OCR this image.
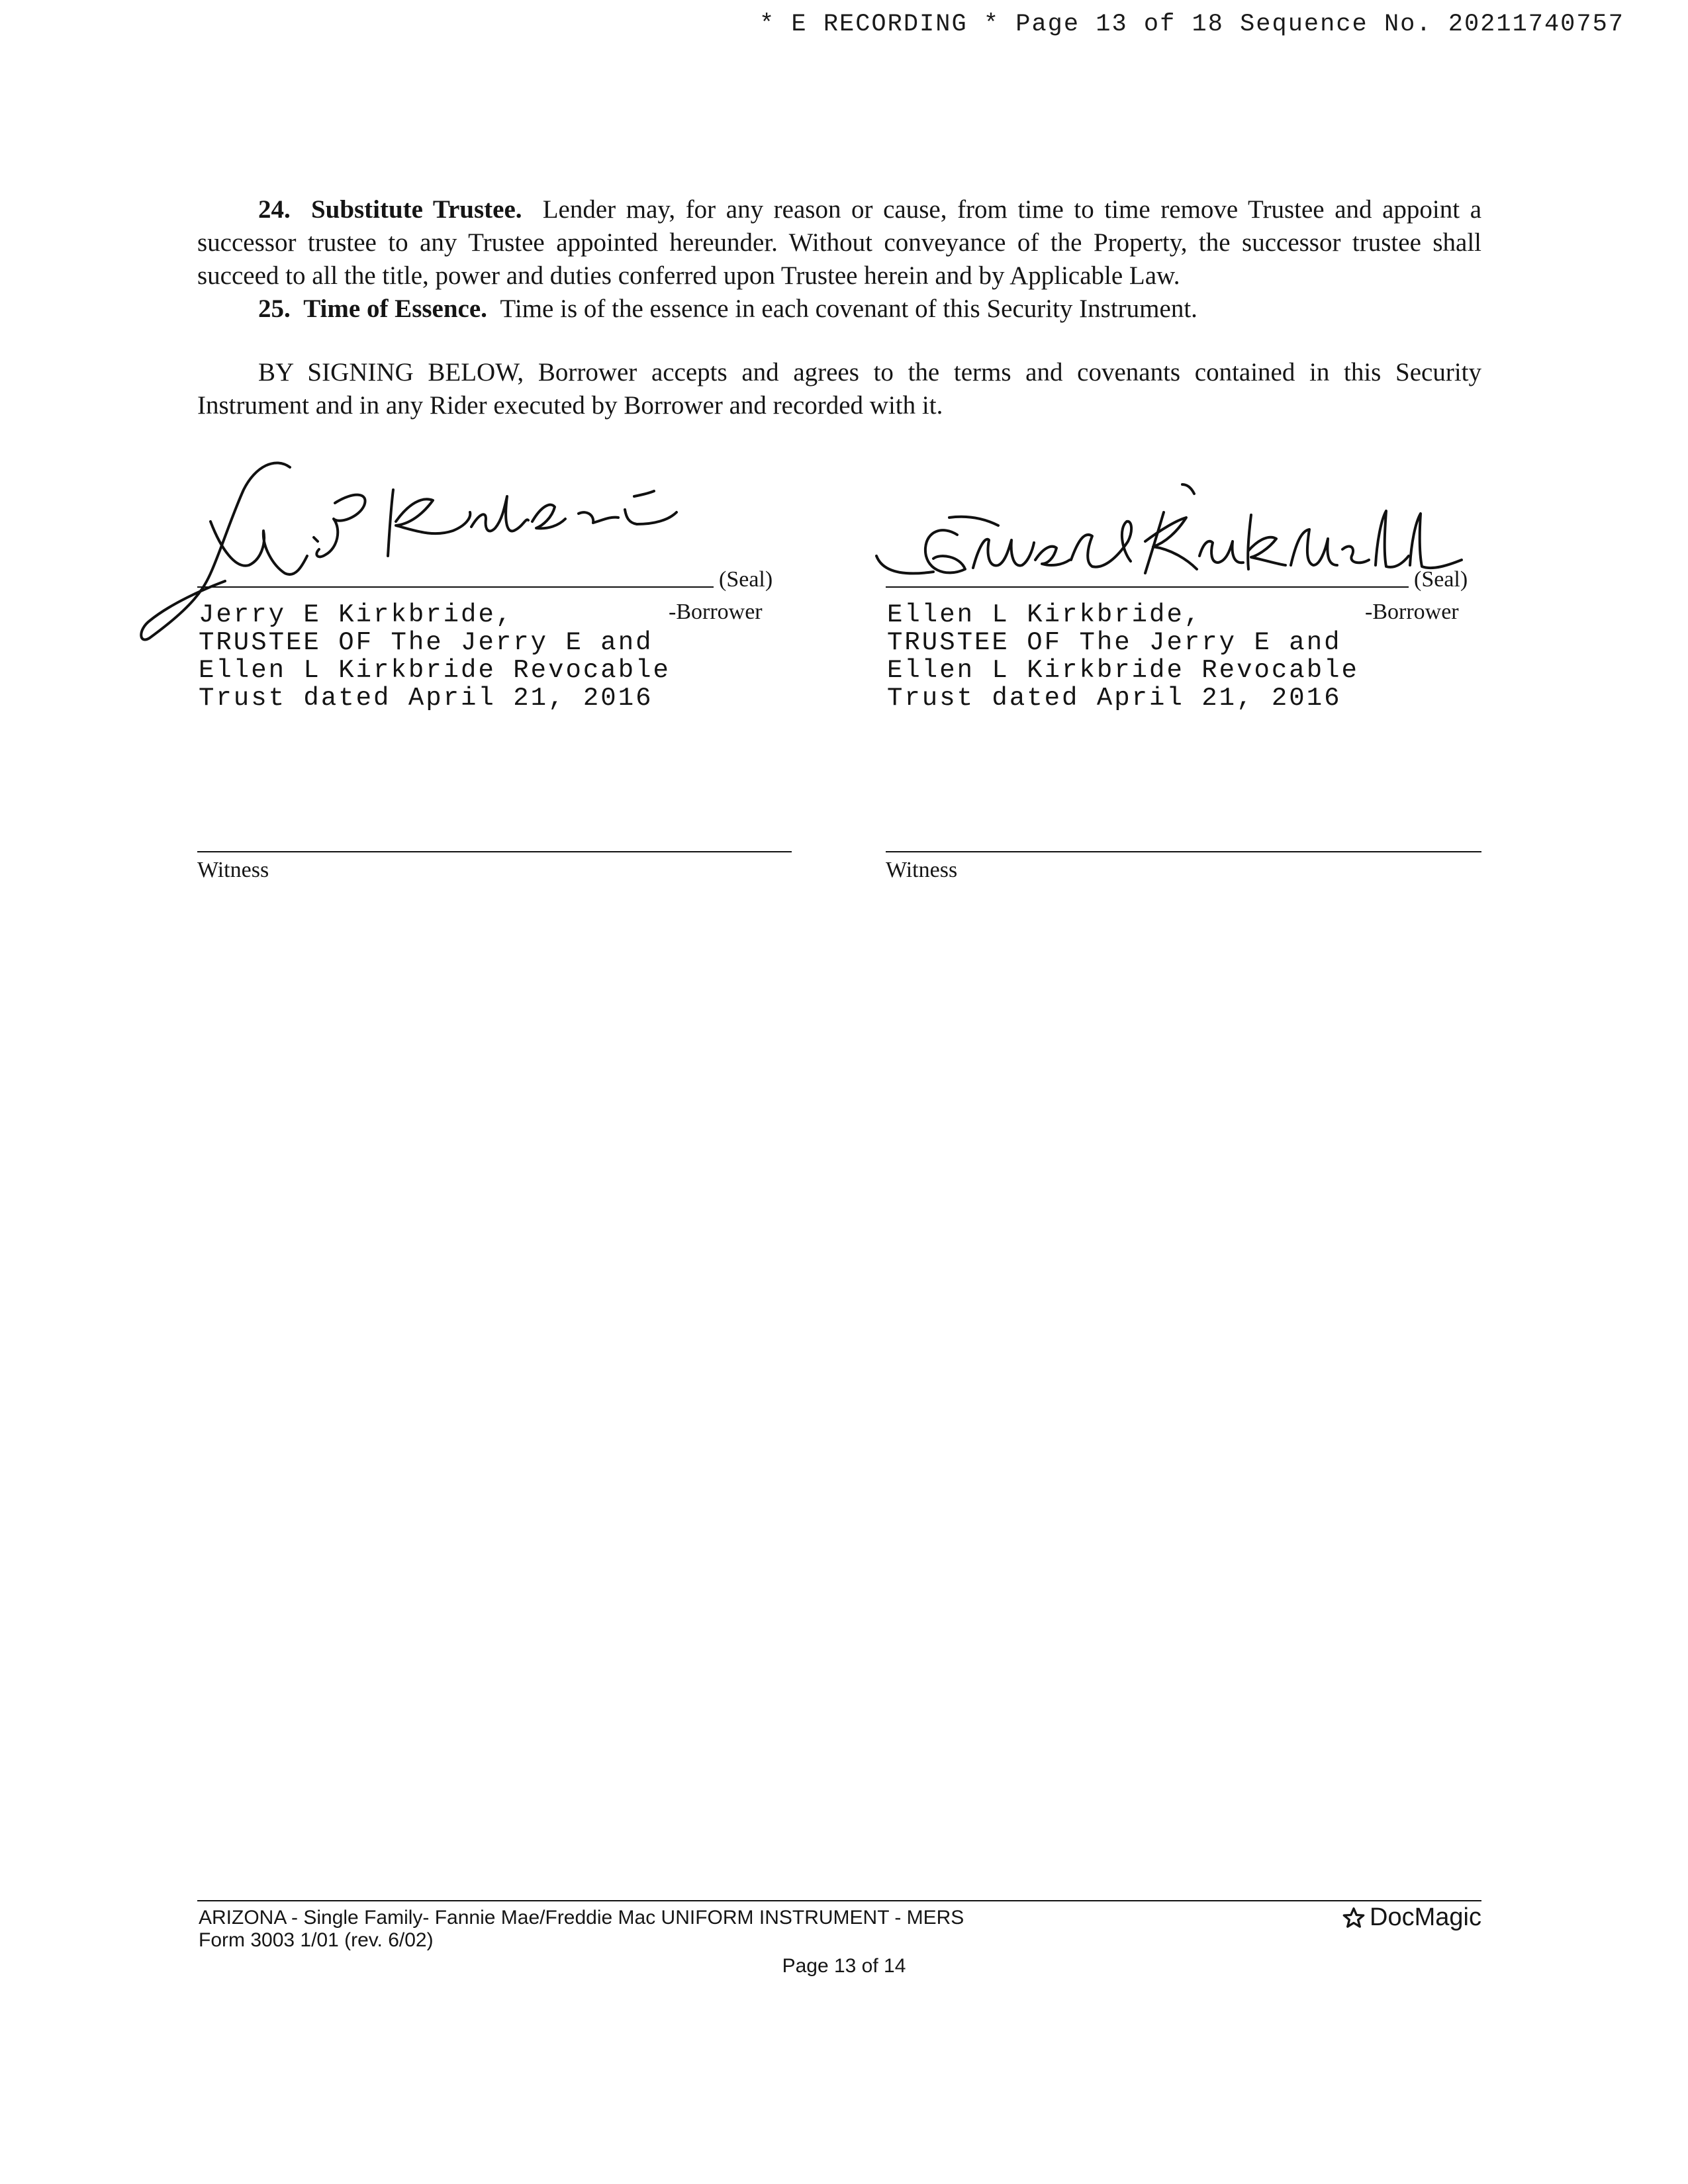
* E RECORDING * Page 13 of 18 Sequence No. 20211740757

24. Substitute Trustee. Lender may, for any reason or cause, from time to time remove Trustee and appoint a successor trustee to any Trustee appointed hereunder. Without conveyance of the Property, the successor trustee shall succeed to all the title, power and duties conferred upon Trustee herein and by Applicable Law.

25. Time of Essence. Time is of the essence in each covenant of this Security Instrument.

BY SIGNING BELOW, Borrower accepts and agrees to the terms and covenants contained in this Security Instrument and in any Rider executed by Borrower and recorded with it.

(Seal)
-Borrower
Jerry E Kirkbride,
TRUSTEE OF The Jerry E and
Ellen L Kirkbride Revocable
Trust dated April 21, 2016
(Seal)
-Borrower
Ellen L Kirkbride,
TRUSTEE OF The Jerry E and
Ellen L Kirkbride Revocable
Trust dated April 21, 2016
Witness	Witness
ARIZONA - Single Family- Fannie Mae/Freddie Mac UNIFORM INSTRUMENT - MERS
Form 3003 1/01 (rev. 6/02)
DocMagic
Page 13 of 14
